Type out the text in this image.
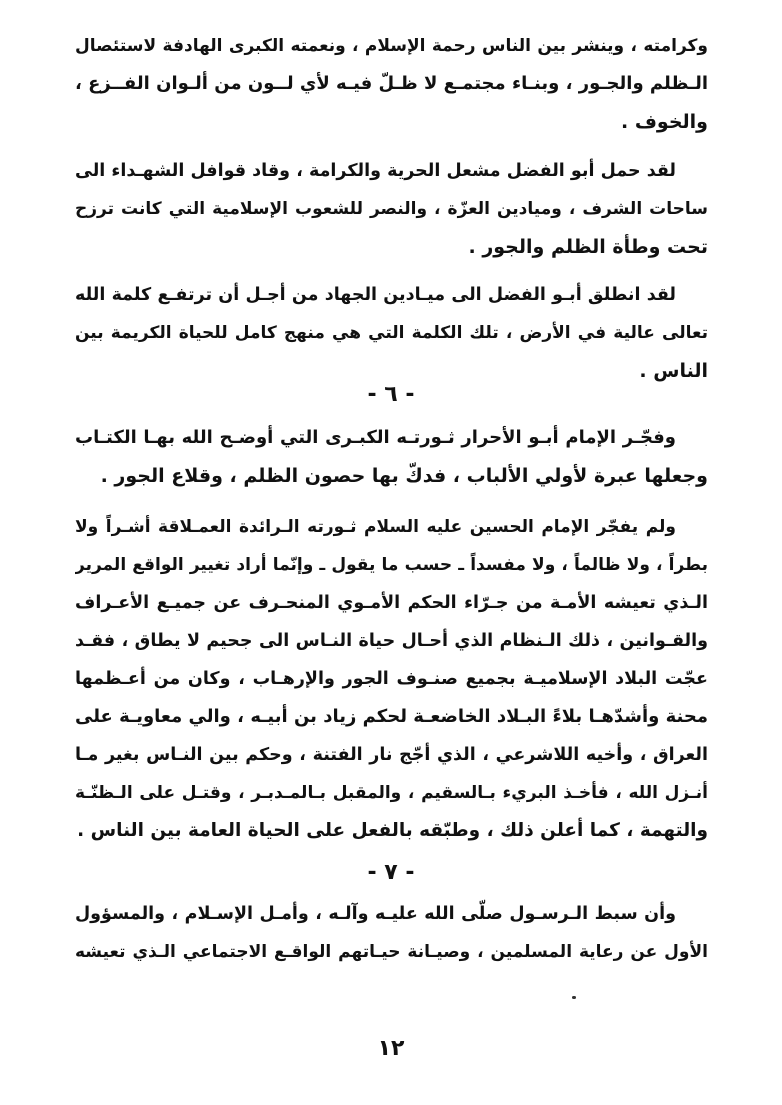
وكرامته ، وينشر بين الناس رحمة الإسلام ، ونعمته الكبرى الهادفة لاستئصال
الـظلم والجـور ، وبنـاء مجتمـع لا ظـلّ فيـه لأي لــون من ألـوان الفــزع ،
والخوف .
لقد حمل أبو الفضل مشعل الحرية والكرامة ، وقاد قوافل الشهـداء الى
ساحات الشرف ، وميادين العزّة ، والنصر للشعوب الإسلامية التي كانت ترزح
تحت وطأة الظلم والجور .
لقد انطلق أبـو الفضل الى ميـادين الجهاد من أجـل أن ترتفـع كلمة الله
تعالى عالية في الأرض ، تلك الكلمة التي هي منهج كامل للحياة الكريمة بين
الناس .
- ٦ -
وفجّـر الإمام أبـو الأحرار ثـورتـه الكبـرى التي أوضـح الله بهـا الكتـاب
وجعلها عبرة لأولي الألباب ، فدكّ بها حصون الظلم ، وقلاع الجور .
ولم يفجّر الإمام الحسين عليه السلام ثـورته الـرائدة العمـلاقة أشـراً ولا
بطراً ، ولا ظالماً ، ولا مفسداً ـ حسب ما يقول ـ وإنّما أراد تغيير الواقع المرير
الـذي تعيشه الأمـة من جـرّاء الحكم الأمـوي المنحـرف عن جميـع الأعـراف
والقـوانين ، ذلك الـنظام الذي أحـال حياة النـاس الى جحيم لا يطاق ، فقـد
عجّت البلاد الإسلاميـة بجميع صنـوف الجور والإرهـاب ، وكان من أعـظمها
محنة وأشدّهـا بلاءً البـلاد الخاضعـة لحكم زياد بن أبيـه ، والي معاويـة على
العراق ، وأخيه اللاشرعي ، الذي أجّج نار الفتنة ، وحكم بين النـاس بغير مـا
أنـزل الله ، فأخـذ البريء بـالسقيم ، والمقبل بـالمـدبـر ، وقتـل على الـظنّـة
والتهمة ، كما أعلن ذلك ، وطبّقه بالفعل على الحياة العامة بين الناس .
- ٧ -
وأن سبط الـرسـول صلّى الله عليـه وآلـه ، وأمـل الإسـلام ، والمسؤول
الأول عن رعاية المسلمين ، وصيـانة حيـاتهم الواقـع الاجتماعي الـذي تعيشه
١٢
